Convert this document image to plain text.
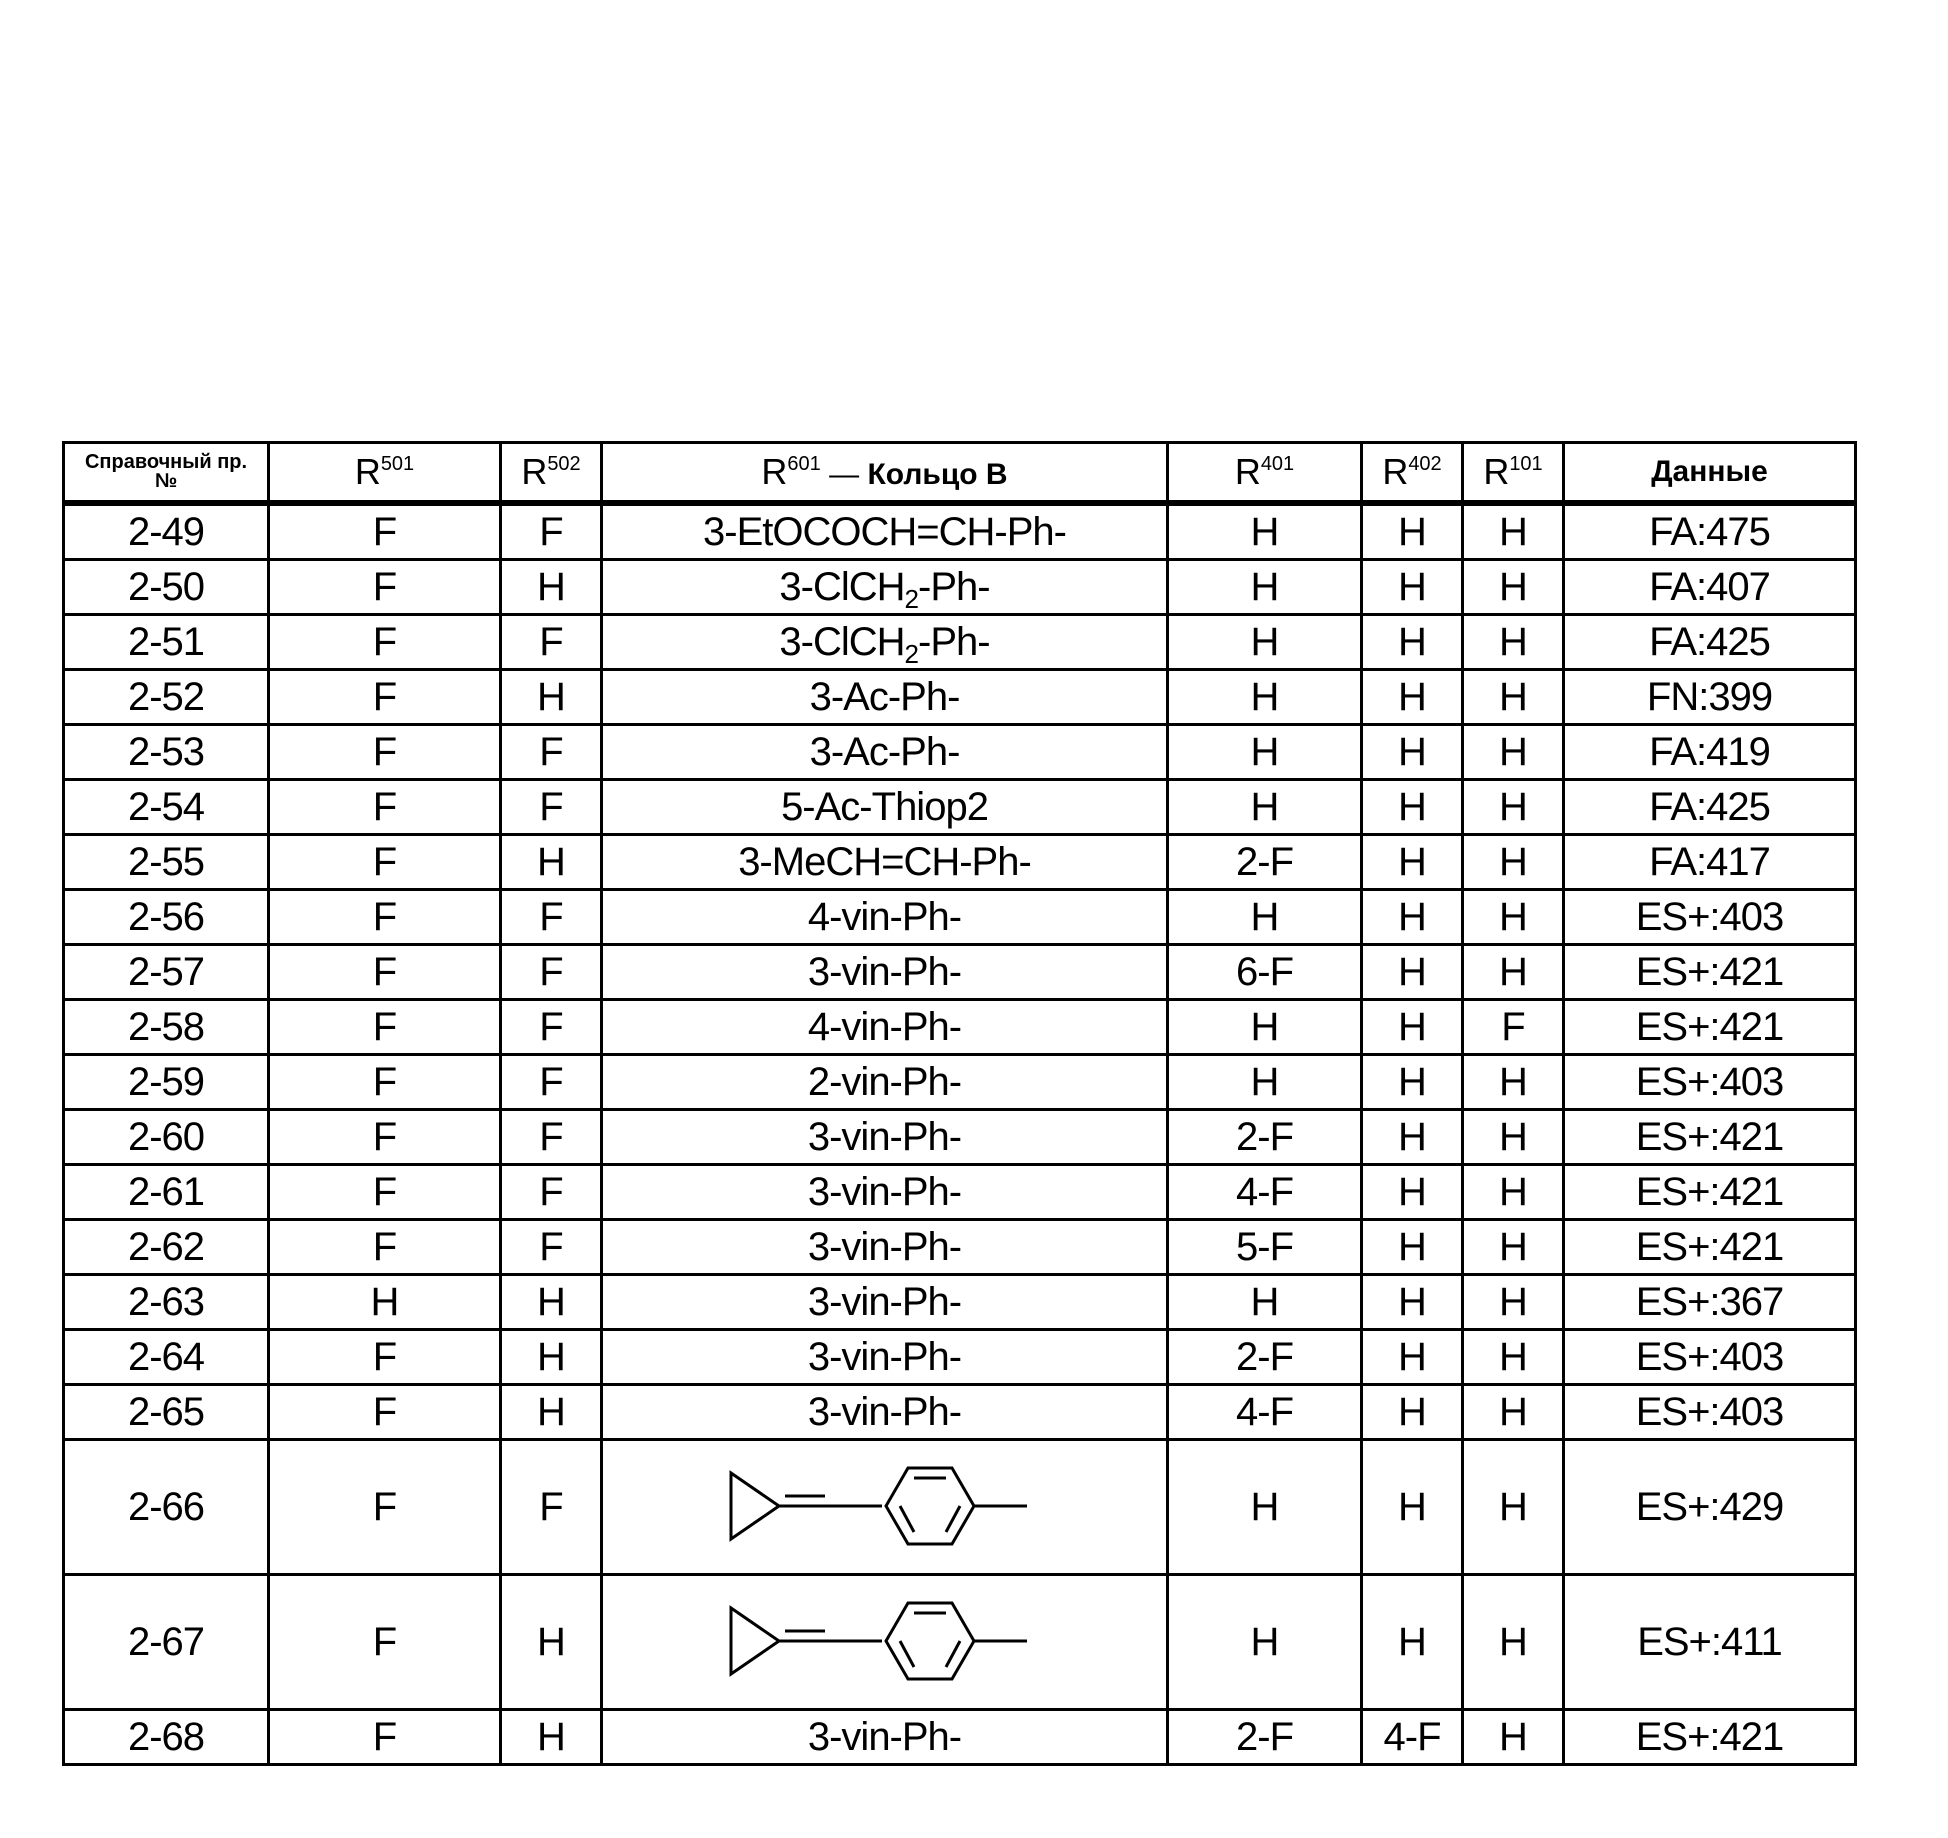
Справочный пр.
№	R501	R502	R601 — Кольцо B	R401	R402	R101	Данные
2-49	F	F	3-EtOCOCH=CH-Ph-	H	H	H	FA:475
2-50	F	H	3-ClCH2-Ph-	H	H	H	FA:407
2-51	F	F	3-ClCH2-Ph-	H	H	H	FA:425
2-52	F	H	3-Ac-Ph-	H	H	H	FN:399
2-53	F	F	3-Ac-Ph-	H	H	H	FA:419
2-54	F	F	5-Ac-Thiop2	H	H	H	FA:425
2-55	F	H	3-MeCH=CH-Ph-	2-F	H	H	FA:417
2-56	F	F	4-vin-Ph-	H	H	H	ES+:403
2-57	F	F	3-vin-Ph-	6-F	H	H	ES+:421
2-58	F	F	4-vin-Ph-	H	H	F	ES+:421
2-59	F	F	2-vin-Ph-	H	H	H	ES+:403
2-60	F	F	3-vin-Ph-	2-F	H	H	ES+:421
2-61	F	F	3-vin-Ph-	4-F	H	H	ES+:421
2-62	F	F	3-vin-Ph-	5-F	H	H	ES+:421
2-63	H	H	3-vin-Ph-	H	H	H	ES+:367
2-64	F	H	3-vin-Ph-	2-F	H	H	ES+:403
2-65	F	H	3-vin-Ph-	4-F	H	H	ES+:403
2-66	F	F		H	H	H	ES+:429
2-67	F	H		H	H	H	ES+:411
2-68	F	H	3-vin-Ph-	2-F	4-F	H	ES+:421
